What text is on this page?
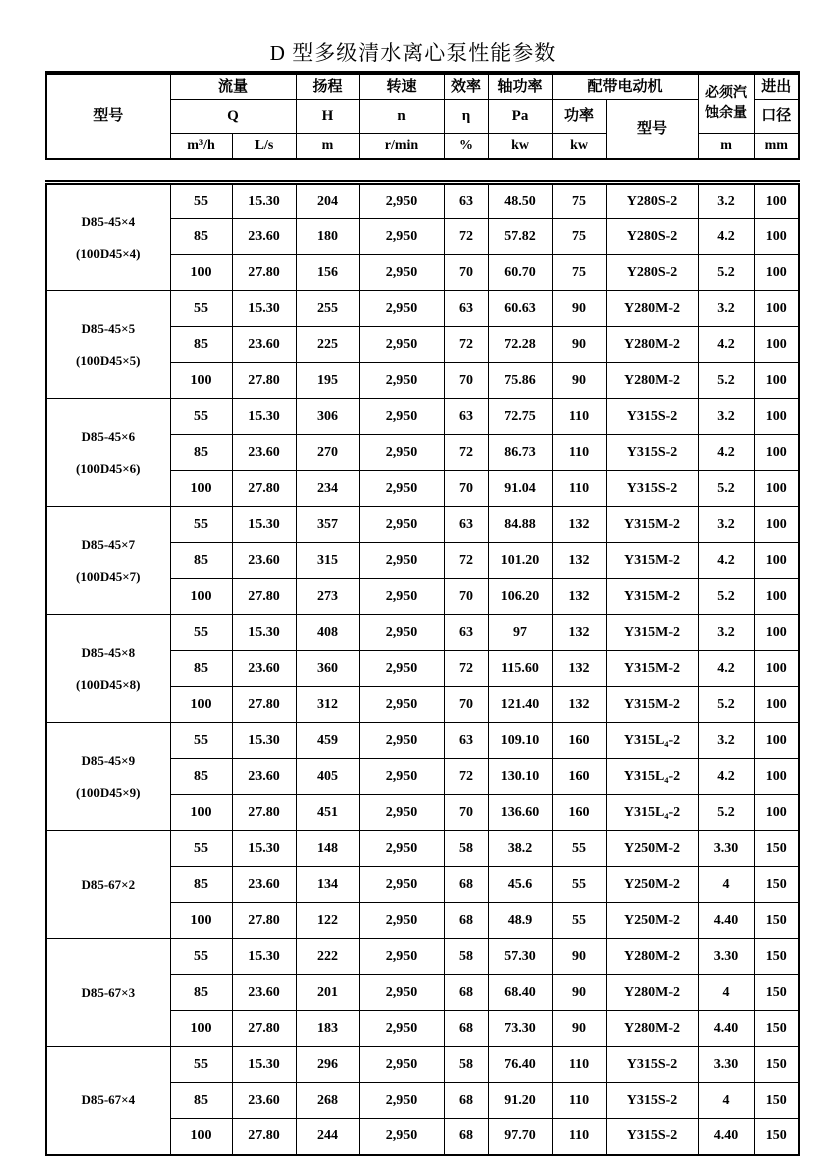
D 型多级清水离心泵性能参数
型号	流量		扬程	转速	效率	轴功率	配带电动机		必须汽蚀余量	进出
	Q		H	n	η	Pa	功率	型号		口径
	m³/h	L/s	m	r/min	%	kw	kw		m	mm
D85-45×4
(100D45×4)	55	15.30	204	2,950	63	48.50	75	Y280S-2	3.2	100
	85	23.60	180	2,950	72	57.82	75	Y280S-2	4.2	100
	100	27.80	156	2,950	70	60.70	75	Y280S-2	5.2	100

D85-45×5
(100D45×5)	55	15.30	255	2,950	63	60.63	90	Y280M-2	3.2	100
	85	23.60	225	2,950	72	72.28	90	Y280M-2	4.2	100
	100	27.80	195	2,950	70	75.86	90	Y280M-2	5.2	100

D85-45×6
(100D45×6)	55	15.30	306	2,950	63	72.75	110	Y315S-2	3.2	100
	85	23.60	270	2,950	72	86.73	110	Y315S-2	4.2	100
	100	27.80	234	2,950	70	91.04	110	Y315S-2	5.2	100

D85-45×7
(100D45×7)	55	15.30	357	2,950	63	84.88	132	Y315M-2	3.2	100
	85	23.60	315	2,950	72	101.20	132	Y315M-2	4.2	100
	100	27.80	273	2,950	70	106.20	132	Y315M-2	5.2	100

D85-45×8
(100D45×8)	55	15.30	408	2,950	63	97	132	Y315M-2	3.2	100
	85	23.60	360	2,950	72	115.60	132	Y315M-2	4.2	100
	100	27.80	312	2,950	70	121.40	132	Y315M-2	5.2	100

D85-45×9
(100D45×9)	55	15.30	459	2,950	63	109.10	160	Y315L₄-2	3.2	100
	85	23.60	405	2,950	72	130.10	160	Y315L₄-2	4.2	100
	100	27.80	451	2,950	70	136.60	160	Y315L₄-2	5.2	100

D85-67×2	55	15.30	148	2,950	58	38.2	55	Y250M-2	3.30	150
	85	23.60	134	2,950	68	45.6	55	Y250M-2	4	150
	100	27.80	122	2,950	68	48.9	55	Y250M-2	4.40	150

D85-67×3	55	15.30	222	2,950	58	57.30	90	Y280M-2	3.30	150
	85	23.60	201	2,950	68	68.40	90	Y280M-2	4	150
	100	27.80	183	2,950	68	73.30	90	Y280M-2	4.40	150

D85-67×4	55	15.30	296	2,950	58	76.40	110	Y315S-2	3.30	150
	85	23.60	268	2,950	68	91.20	110	Y315S-2	4	150
	100	27.80	244	2,950	68	97.70	110	Y315S-2	4.40	150
